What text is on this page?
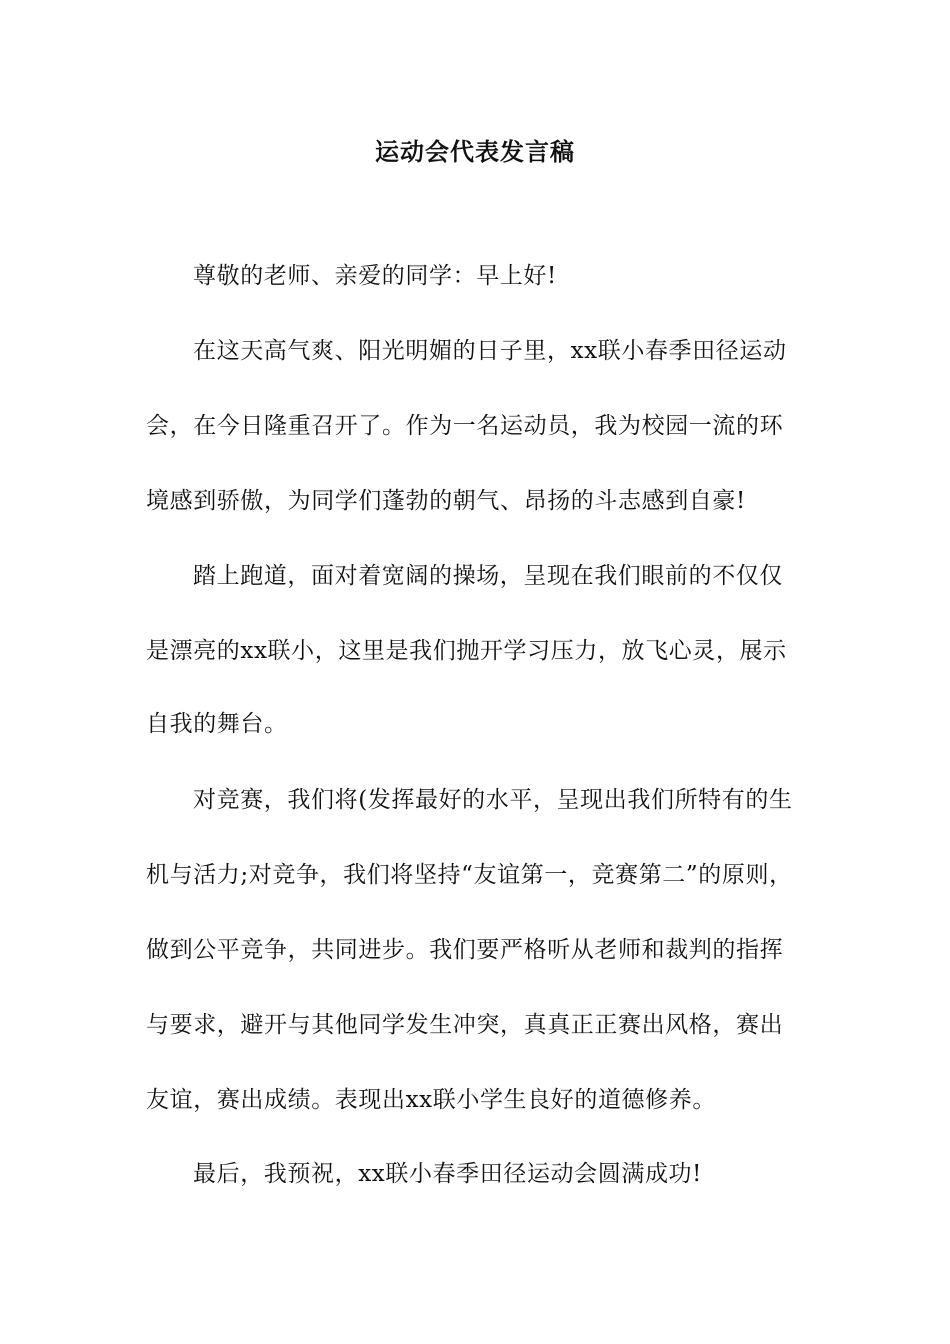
运动会代表发言稿
尊敬的老师、亲爱的同学：早上好!
在这天高气爽、阳光明媚的日子里，xx联小春季田径运动
会，在今日隆重召开了。作为一名运动员，我为校园一流的环
境感到骄傲，为同学们蓬勃的朝气、昂扬的斗志感到自豪!
踏上跑道，面对着宽阔的操场，呈现在我们眼前的不仅仅
是漂亮的xx联小，这里是我们抛开学习压力，放飞心灵，展示
自我的舞台。
对竞赛，我们将(发挥最好的水平，呈现出我们所特有的生
机与活力;对竞争，我们将坚持“友谊第一，竞赛第二”的原则，
做到公平竞争，共同进步。我们要严格听从老师和裁判的指挥
与要求，避开与其他同学发生冲突，真真正正赛出风格，赛出
友谊，赛出成绩。表现出xx联小学生良好的道德修养。
最后，我预祝，xx联小春季田径运动会圆满成功!
